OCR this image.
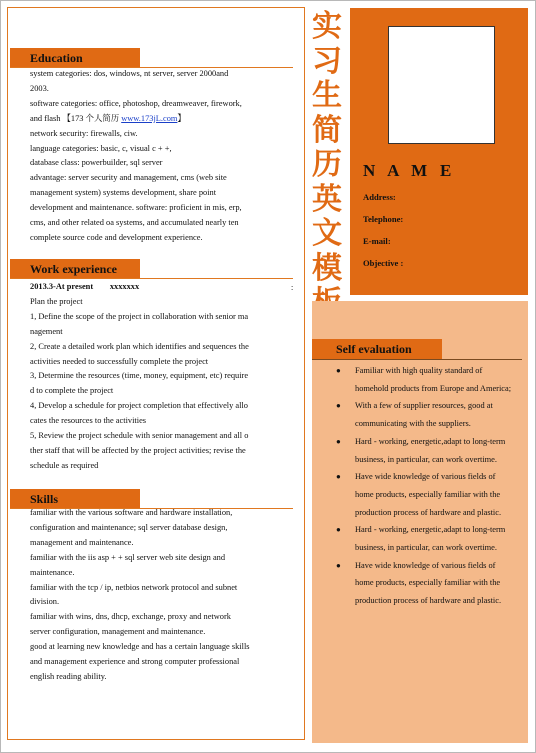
Education

system categories: dos, windows, nt server, server 2000and

2003.

software categories: office, photoshop, dreamweaver, firework,

and flash 【173 个人简历 www.173jL.com】

network security: firewalls, ciw.

language categories: basic, c, visual c + +,

database class: powerbuilder, sql server

advantage: server security and management, cms (web site

management system) systems development, share point

development and maintenance. software: proficient in mis, erp,

cms, and other related oa systems, and accumulated nearly ten

complete source code and development experience.

Work experience
:

2013.3-At present        xxxxxxx

Plan the project

1, Define the scope of the project in collaboration with senior ma

nagement

2, Create a detailed work plan which identifies and sequences the

activities needed to successfully complete the project

3, Determine the resources (time, money, equipment, etc) require

d to complete the project

4, Develop a schedule for project completion that effectively allo

cates the resources to the activities

5, Review the project schedule with senior management and all o

ther staff that will be affected by the project activities; revise the

schedule as required

Skills

familiar with the various software and hardware installation,

configuration and maintenance; sql server database design,

management and maintenance.

familiar with the iis asp + + sql server web site design and

maintenance.

familiar with the tcp / ip, netbios network protocol and subnet

division.

familiar with wins, dns, dhcp, exchange, proxy and network

server configuration, management and maintenance.

good at learning new knowledge and has a certain language skills

and management experience and strong computer professional

english reading ability.

实
习
生
简
历
英
文
模
N   A   M   E
Address:
Telephone:
E-mail:
Objective :
Self evaluation
● Familiar with high quality standard of homehold products from Europe and America;
● With a few of supplier resources, good at communicating with the suppliers.
● Hard - working, energetic,adapt to long-term business, in particular, can work overtime.
● Have wide knowledge of various fields of home products, especially familiar with the production process of hardware and plastic.
● Hard - working, energetic,adapt to long-term business, in particular, can work overtime.
● Have wide knowledge of various fields of home products, especially familiar with the production process of hardware and plastic.
